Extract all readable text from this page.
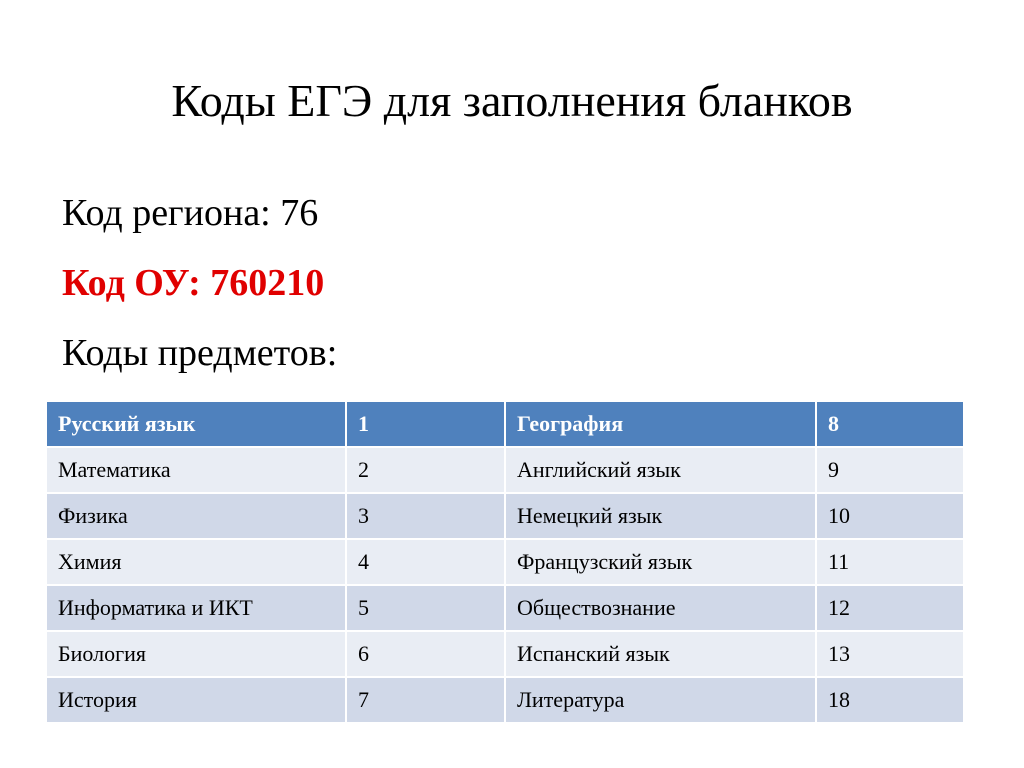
Коды ЕГЭ для заполнения бланков
Код региона: 76
Код ОУ: 760210
Коды предметов:
Русский язык	1	География	8
Математика	2	Английский язык	9
Физика	3	Немецкий язык	10
Химия	4	Французский язык	11
Информатика и ИКТ	5	Обществознание	12
Биология	6	Испанский язык	13
История	7	Литература	18
